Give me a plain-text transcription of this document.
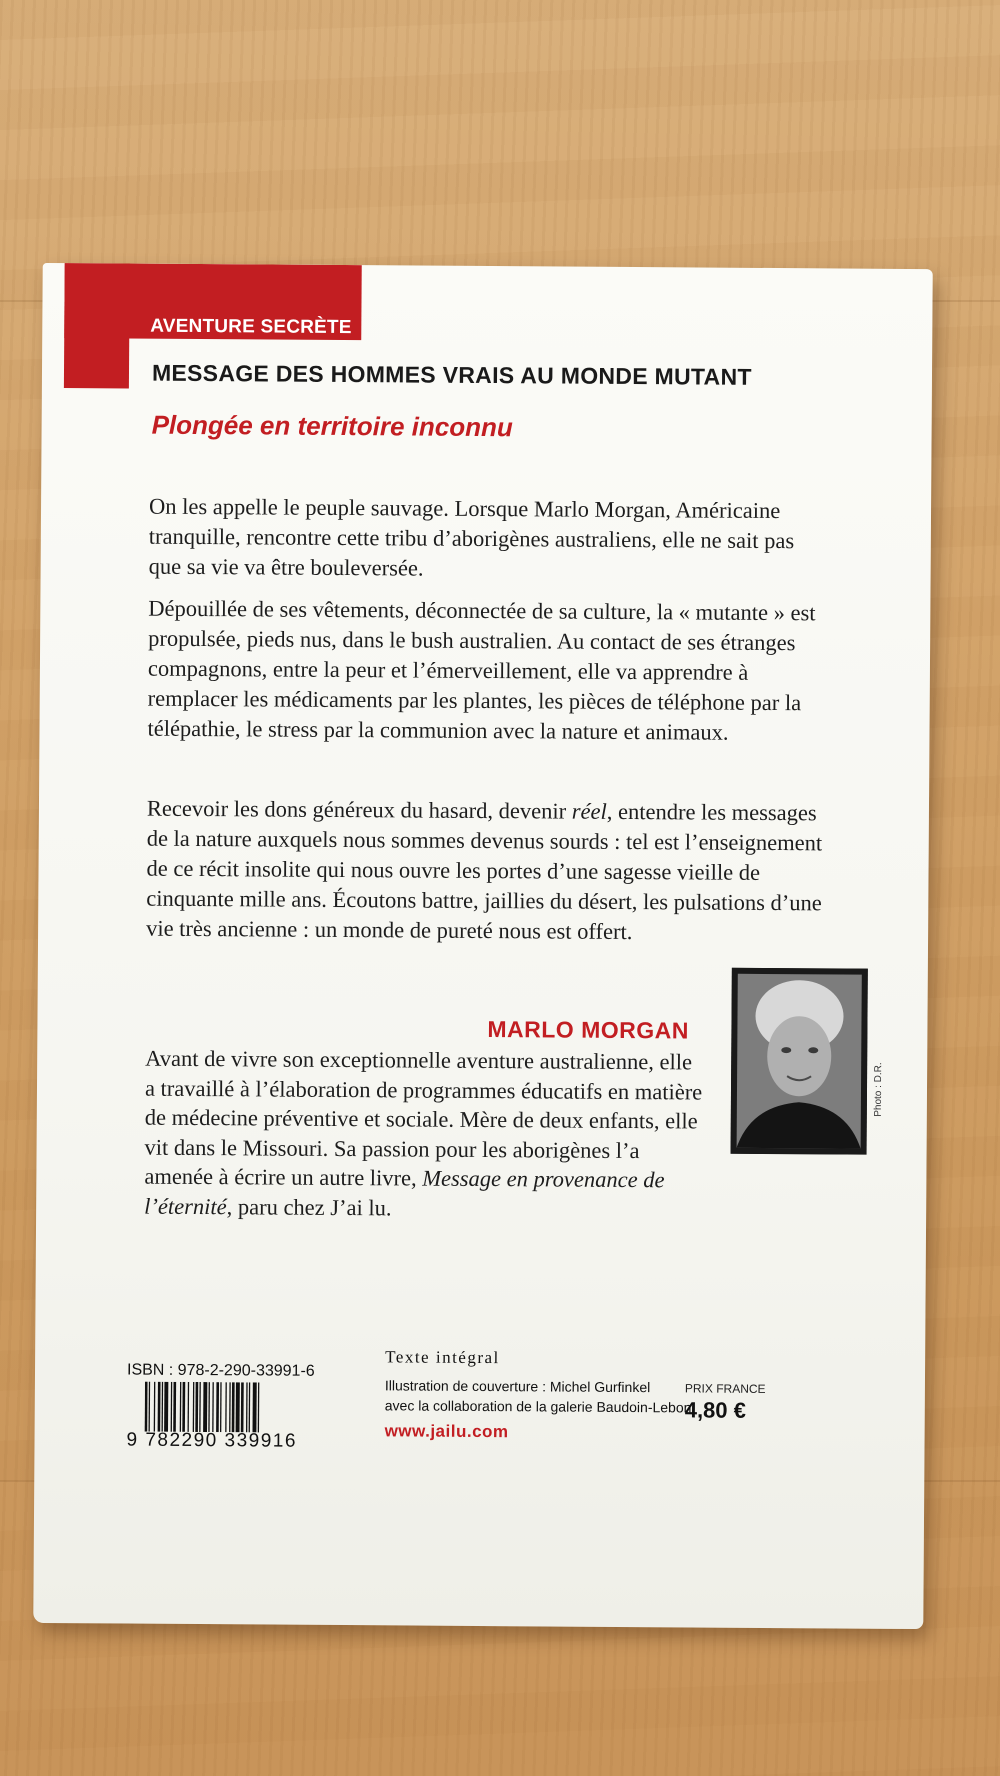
AVENTURE SECRÈTE
MESSAGE DES HOMMES VRAIS AU MONDE MUTANT
Plongée en territoire inconnu

On les appelle le peuple sauvage. Lorsque Marlo Morgan, Américaine tranquille, rencontre cette tribu d’aborigènes australiens, elle ne sait pas que sa vie va être bouleversée.

Dépouillée de ses vêtements, déconnectée de sa culture, la « mutante » est propulsée, pieds nus, dans le bush australien. Au contact de ses étranges compagnons, entre la peur et l’émerveillement, elle va apprendre à remplacer les médicaments par les plantes, les pièces de téléphone par la télépathie, le stress par la communion avec la nature et animaux.

Recevoir les dons généreux du hasard, devenir réel, entendre les messages de la nature auxquels nous sommes devenus sourds : tel est l’enseignement de ce récit insolite qui nous ouvre les portes d’une sagesse vieille de cinquante mille ans. Écoutons battre, jaillies du désert, les pulsations d’une vie très ancienne : un monde de pureté nous est offert.

MARLO MORGAN
Photo : D.R.

Avant de vivre son exceptionnelle aventure australienne, elle a travaillé à l’élaboration de programmes éducatifs en matière de médecine préventive et sociale. Mère de deux enfants, elle vit dans le Missouri. Sa passion pour les aborigènes l’a amenée à écrire un autre livre, Message en provenance de l’éternité, paru chez J’ai lu.

ISBN : 978-2-290-33991-6
9 782290 339916
Texte intégral
Illustration de couverture : Michel Gurfinkel
avec la collaboration de la galerie Baudoin-Lebon
www.jailu.com
PRIX FRANCE
4,80 €
